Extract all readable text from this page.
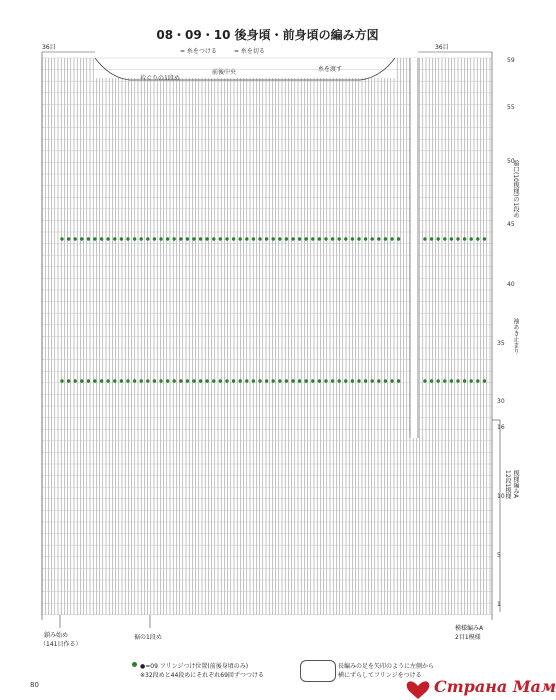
08・09・10 後身頃・前身頃の編み方図
= 糸をつける	= 糸を切る
36目	36目
衿ぐりの1段め
前後中央	糸を渡す
脇口(10模様)の1段め
袖あき止まり
模様編みA
12段1模様
鎖み始め
（141目作る）
裾の1段め
模様編みA
2目1模様
59
55
50
45
40
35
30
16
10
5
1
●=09 フリンジつけ位置(前後身頃のみ)
※32段めと44段めにそれぞれ69回ずつつける
長編みの足を矢印のように左側から
横にずらしてフリンジをつける
80	Страна Мам
